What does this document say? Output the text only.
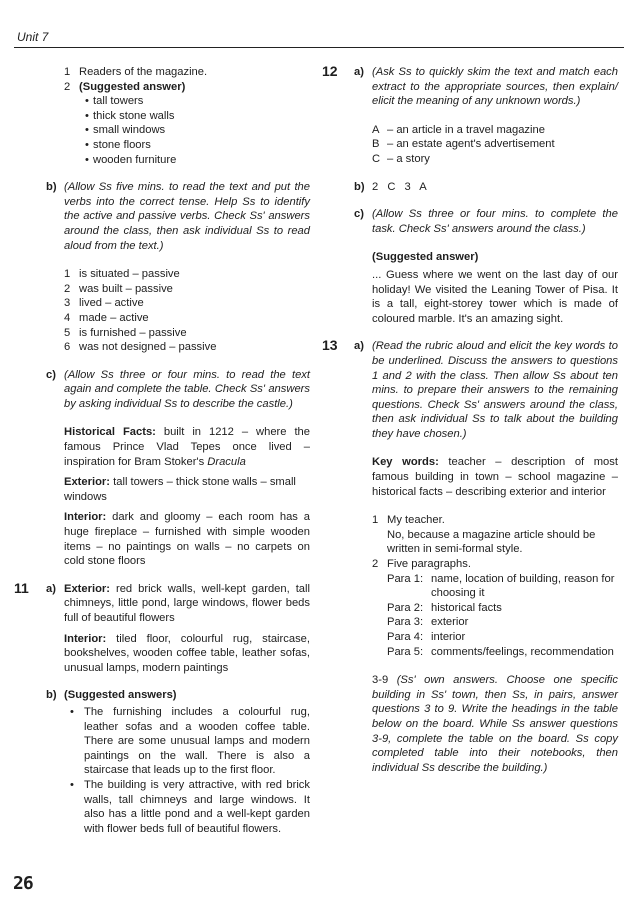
Unit 7
1 Readers of the magazine.
2 (Suggested answer)
• tall towers
• thick stone walls
• small windows
• stone floors
• wooden furniture
b) (Allow Ss five mins. to read the text and put the verbs into the correct tense. Help Ss to identify the active and passive verbs. Check Ss' answers around the class, then ask individual Ss to read aloud from the text.)

1 is situated – passive
2 was built – passive
3 lived – active
4 made – active
5 is furnished – passive
6 was not designed – passive
c) (Allow Ss three or four mins. to read the text again and complete the table. Check Ss' answers by asking individual Ss to describe the castle.)

Historical Facts: built in 1212 – where the famous Prince Vlad Tepes once lived – inspiration for Bram Stoker's Dracula

Exterior: tall towers – thick stone walls – small windows

Interior: dark and gloomy – each room has a huge fireplace – furnished with simple wooden items – no paintings on walls – no carpets on cold stone floors

11 a) Exterior: red brick walls, well-kept garden, tall chimneys, little pond, large windows, flower beds full of beautiful flowers

Interior: tiled floor, colourful rug, staircase, bookshelves, wooden coffee table, leather sofas, unusual lamps, modern paintings

b) (Suggested answers)

• The furnishing includes a colourful rug, leather sofas and a wooden coffee table. There are some unusual lamps and modern paintings on the wall. There is also a staircase that leads up to the first floor.
• The building is very attractive, with red brick walls, tall chimneys and large windows. It also has a little pond and a well-kept garden with flower beds full of beautiful flowers.
12 a) (Ask Ss to quickly skim the text and match each extract to the appropriate sources, then explain/ elicit the meaning of any unknown words.)

A – an article in a travel magazine
B – an estate agent's advertisement
C – a story
b) 2 C 3 A

c) (Allow Ss three or four mins. to complete the task. Check Ss' answers around the class.)

(Suggested answer)

... Guess where we went on the last day of our holiday! We visited the Leaning Tower of Pisa. It is a tall, eight-storey tower which is made of coloured marble. It's an amazing sight.

13 a) (Read the rubric aloud and elicit the key words to be underlined. Discuss the answers to questions 1 and 2 with the class. Then allow Ss about ten mins. to prepare their answers to the remaining questions. Check Ss' answers around the class, then ask individual Ss to talk about the building they have chosen.)

Key words: teacher – description of most famous building in town – school magazine – historical facts – describing exterior and interior

1 My teacher.

No, because a magazine article should be written in semi-formal style.

2 Five paragraphs.
Para 1: name, location of building, reason for choosing it
Para 2: historical facts
Para 3: exterior
Para 4: interior
Para 5: comments/feelings, recommendation

3-9 (Ss' own answers. Choose one specific building in Ss' town, then Ss, in pairs, answer questions 3 to 9. Write the headings in the table below on the board. While Ss answer questions 3-9, complete the table on the board. Ss copy completed table into their notebooks, then individual Ss describe the building.)

26
